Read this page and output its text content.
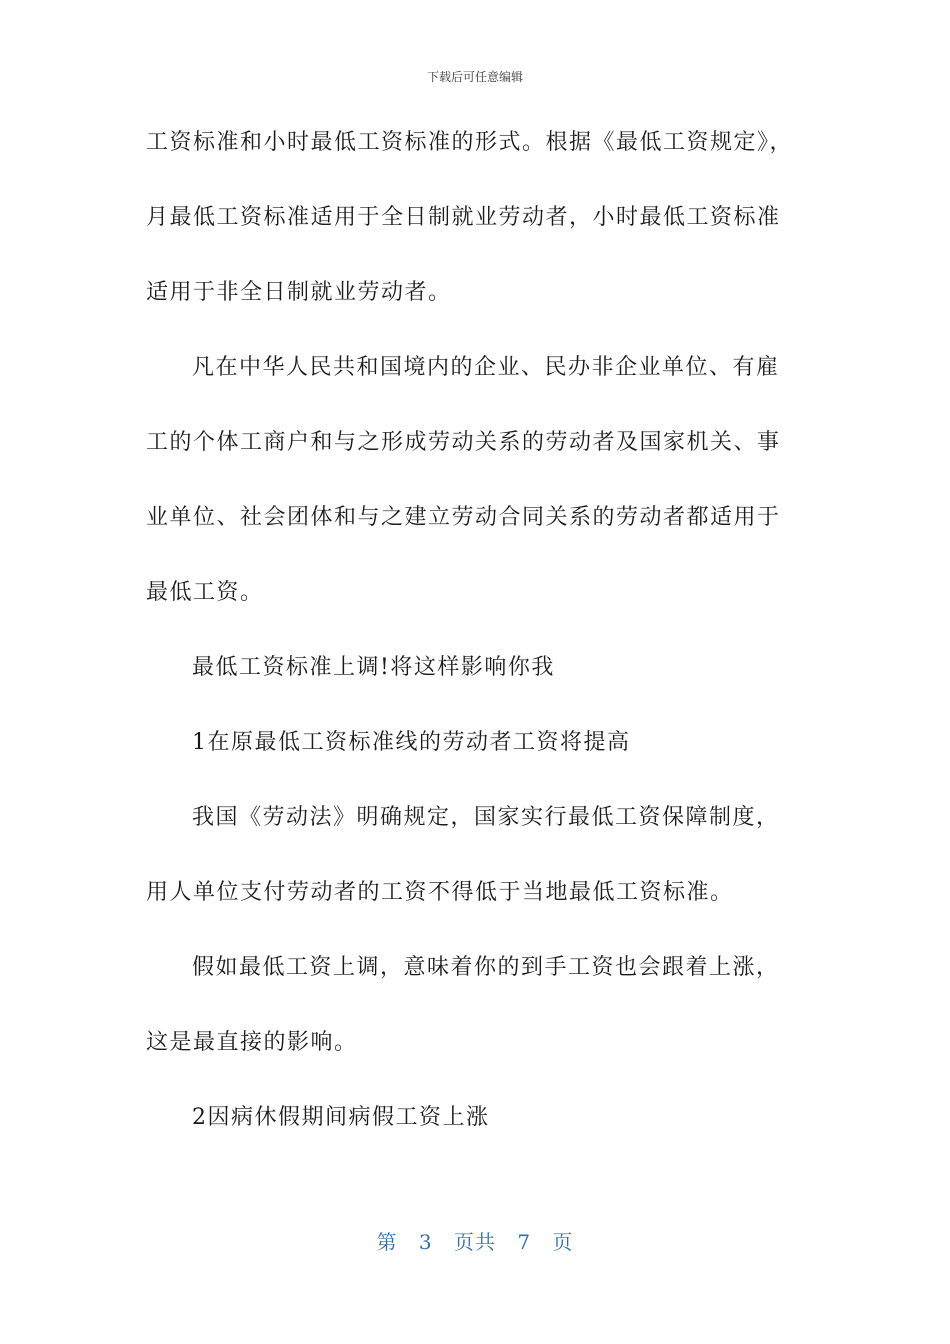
下载后可任意编辑
工资标准和小时最低工资标准的形式。根据《最低工资规定》，
月最低工资标准适用于全日制就业劳动者，小时最低工资标准
适用于非全日制就业劳动者。
凡在中华人民共和国境内的企业、民办非企业单位、有雇
工的个体工商户和与之形成劳动关系的劳动者及国家机关、事
业单位、社会团体和与之建立劳动合同关系的劳动者都适用于
最低工资。
最低工资标准上调!将这样影响你我
1在原最低工资标准线的劳动者工资将提高
我国《劳动法》明确规定，国家实行最低工资保障制度，
用人单位支付劳动者的工资不得低于当地最低工资标准。
假如最低工资上调，意味着你的到手工资也会跟着上涨，
这是最直接的影响。
2因病休假期间病假工资上涨
第 3 页共 7 页
